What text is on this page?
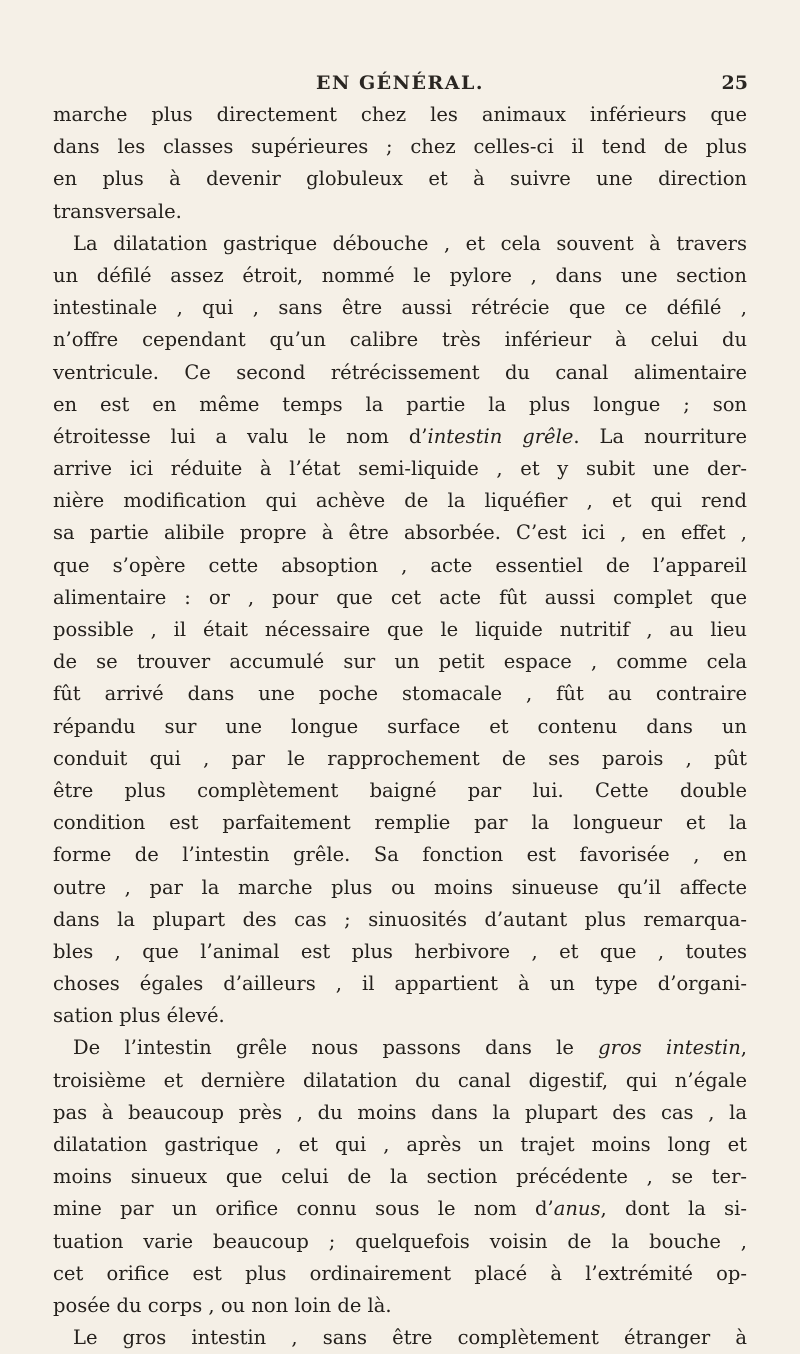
EN GÉNÉRAL.	25
marche plus directement chez les animaux inférieurs que
dans les classes supérieures ; chez celles-ci il tend de plus
en plus à devenir globuleux et à suivre une direction
transversale.
La dilatation gastrique débouche , et cela souvent à travers
un défilé assez étroit, nommé le pylore , dans une section
intestinale , qui , sans être aussi rétrécie que ce défilé ,
n’offre cependant qu’un calibre très inférieur à celui du
ventricule. Ce second rétrécissement du canal alimentaire
en est en même temps la partie la plus longue ; son
étroitesse lui a valu le nom d’intestin grêle. La nourriture
arrive ici réduite à l’état semi-liquide , et y subit une der-
nière modification qui achève de la liquéfier , et qui rend
sa partie alibile propre à être absorbée. C’est ici , en effet ,
que s’opère cette absoption , acte essentiel de l’appareil
alimentaire : or , pour que cet acte fût aussi complet que
possible , il était nécessaire que le liquide nutritif , au lieu
de se trouver accumulé sur un petit espace , comme cela
fût arrivé dans une poche stomacale , fût au contraire
répandu sur une longue surface et contenu dans un
conduit qui , par le rapprochement de ses parois , pût
être plus complètement baigné par lui. Cette double
condition est parfaitement remplie par la longueur et la
forme de l’intestin grêle. Sa fonction est favorisée , en
outre , par la marche plus ou moins sinueuse qu’il affecte
dans la plupart des cas ; sinuosités d’autant plus remarqua-
bles , que l’animal est plus herbivore , et que , toutes
choses égales d’ailleurs , il appartient à un type d’organi-
sation plus élevé.
De l’intestin grêle nous passons dans le gros intestin,
troisième et dernière dilatation du canal digestif, qui n’égale
pas à beaucoup près , du moins dans la plupart des cas , la
dilatation gastrique , et qui , après un trajet moins long et
moins sinueux que celui de la section précédente , se ter-
mine par un orifice connu sous le nom d’anus, dont la si-
tuation varie beaucoup ; quelquefois voisin de la bouche ,
cet orifice est plus ordinairement placé à l’extrémité op-
posée du corps , ou non loin de là.
Le gros intestin , sans être complètement étranger à
